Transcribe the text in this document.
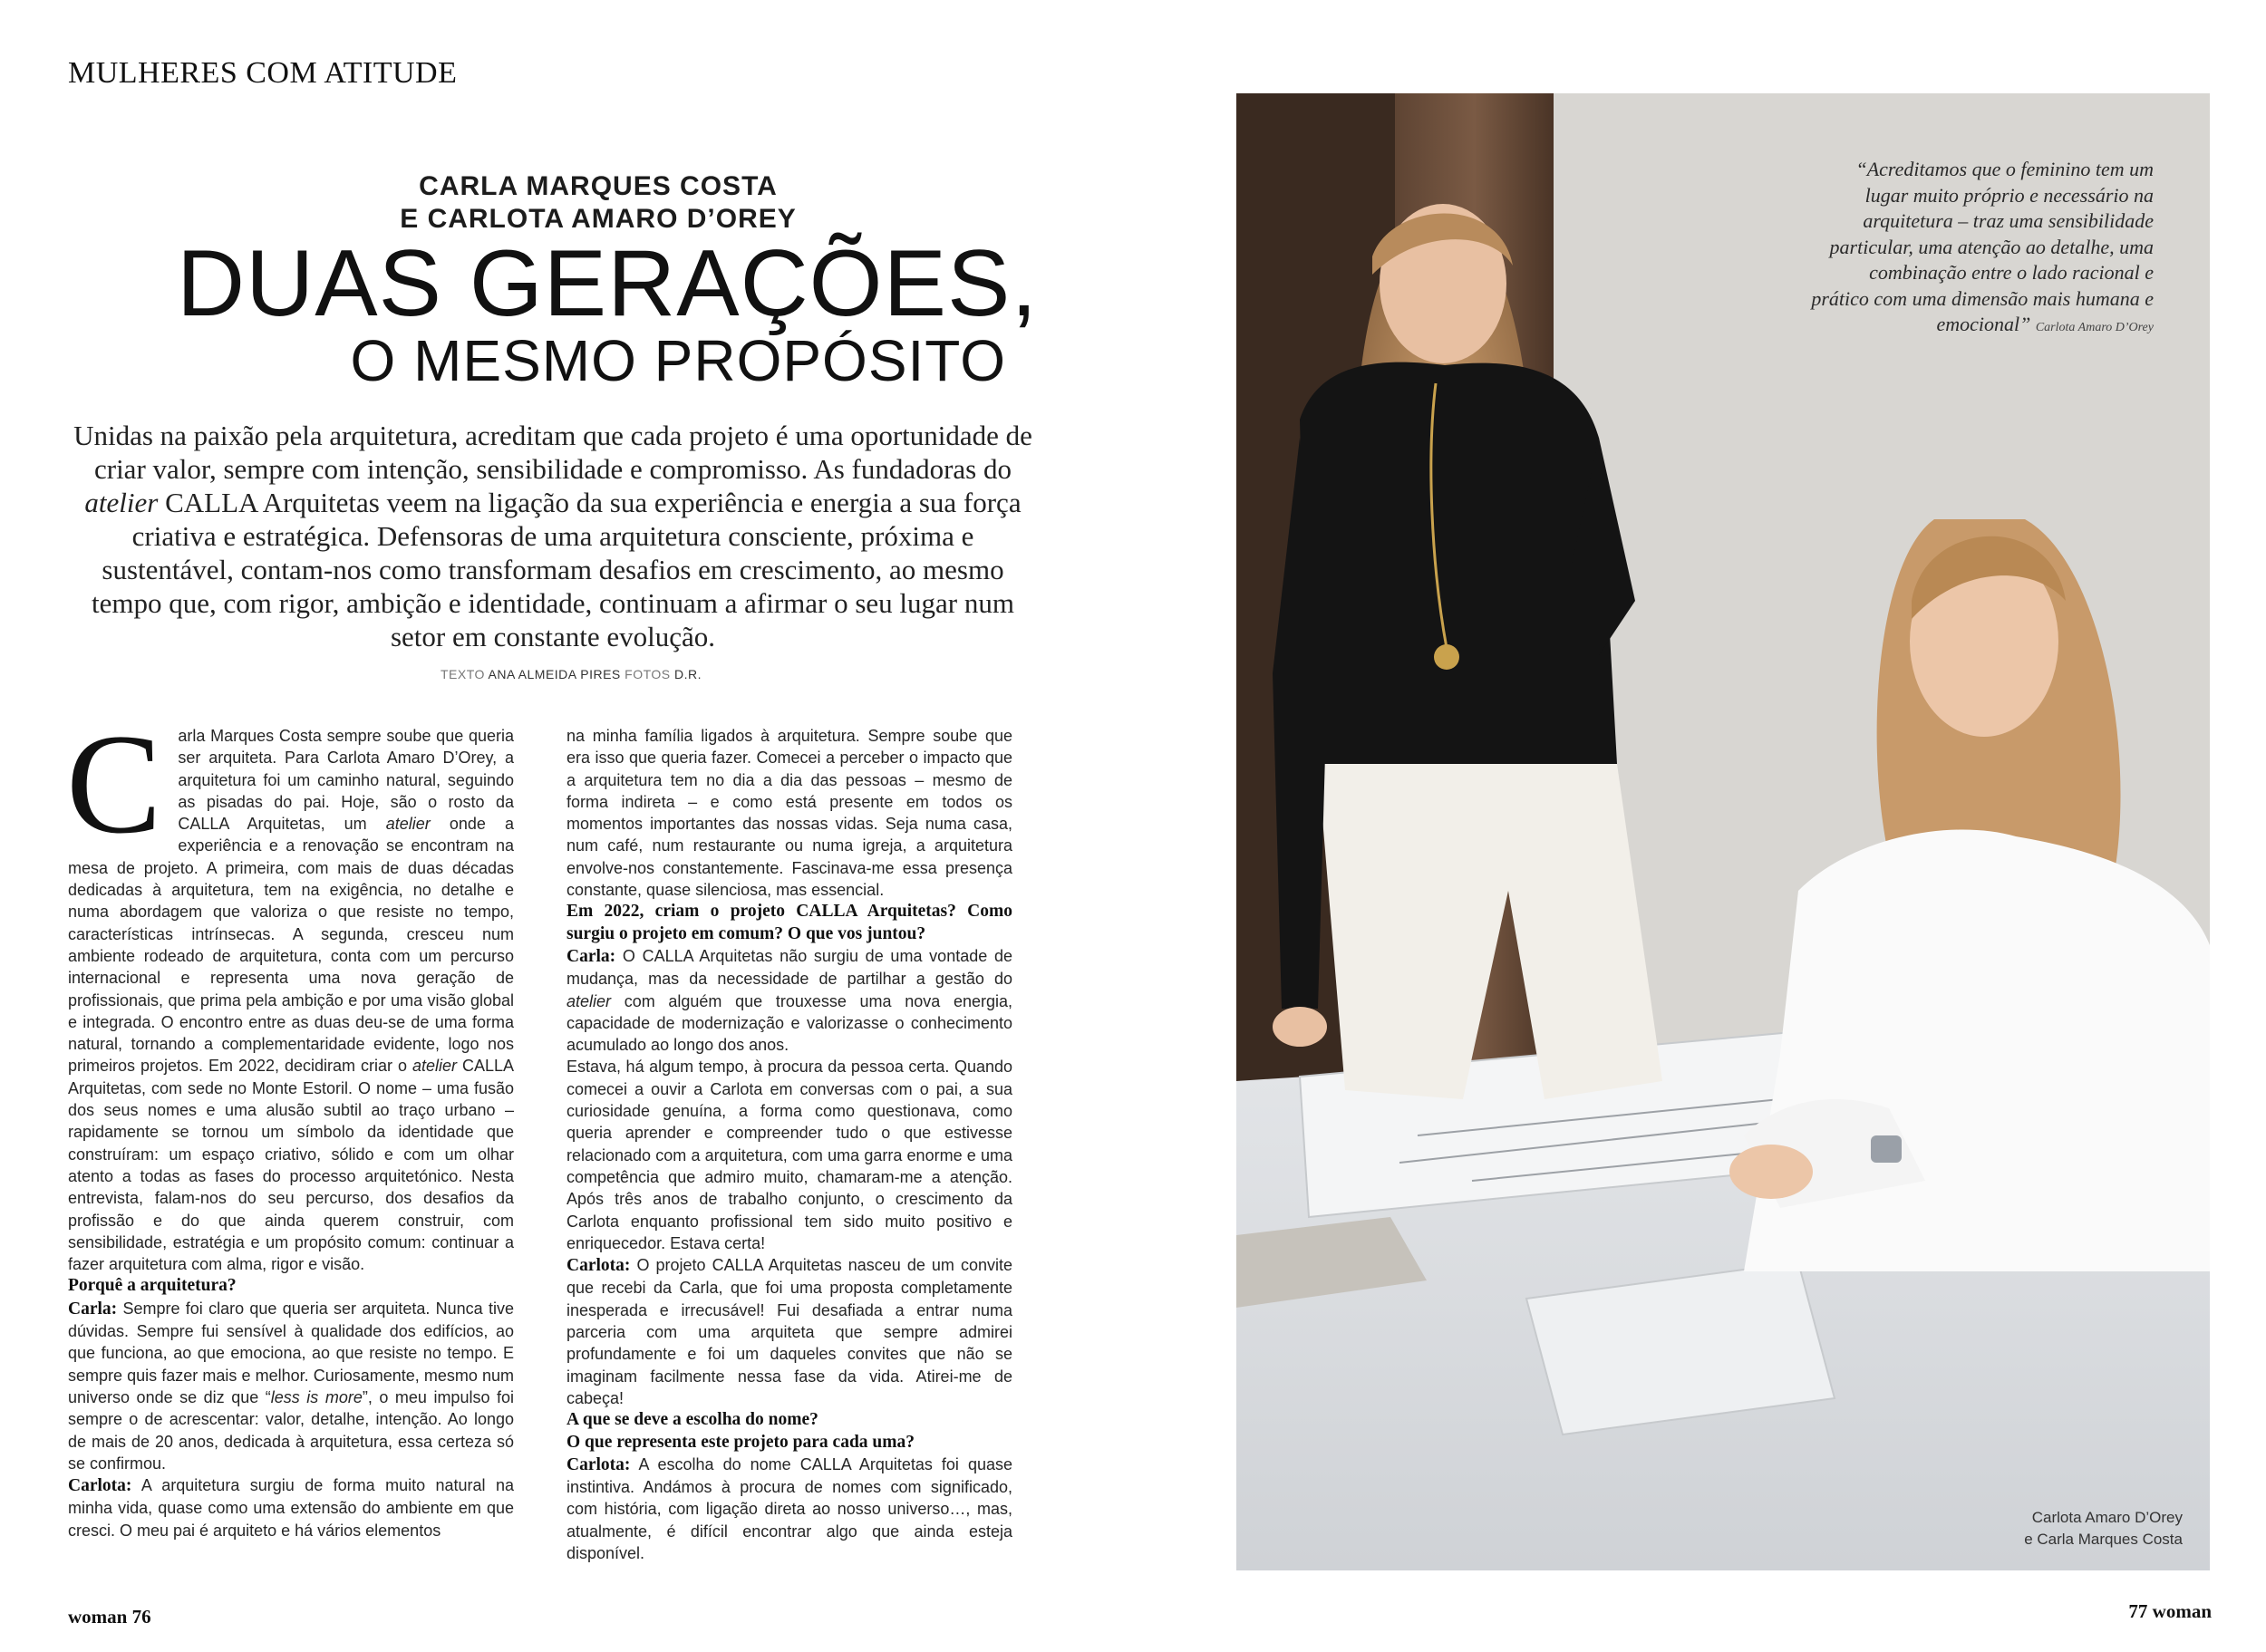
MULHERES COM ATITUDE
CARLA MARQUES COSTA
E CARLOTA AMARO D’OREY
DUAS GERAÇÕES,
O MESMO PROPÓSITO
Unidas na paixão pela arquitetura, acreditam que cada projeto é uma oportunidade de criar valor, sempre com intenção, sensibilidade e compromisso. As fundadoras do atelier CALLA Arquitetas veem na ligação da sua experiência e energia a sua força criativa e estratégica. Defensoras de uma arquitetura consciente, próxima e sustentável, contam-nos como transformam desafios em crescimento, ao mesmo tempo que, com rigor, ambição e identidade, continuam a afirmar o seu lugar num setor em constante evolução.
TEXTO ANA ALMEIDA PIRES FOTOS D.R.

C arla Marques Costa sempre soube que queria ser arquiteta. Para Carlota Amaro D’Orey, a arquitetura foi um caminho natural, seguindo as pisadas do pai. Hoje, são o rosto da CALLA Arquitetas, um atelier onde a experiência e a renovação se encontram na mesa de projeto. A primeira, com mais de duas décadas dedicadas à arquitetura, tem na exigência, no detalhe e numa abordagem que valoriza o que resiste no tempo, características intrínsecas. A segunda, cresceu num ambiente rodeado de arquitetura, conta com um percurso internacional e representa uma nova geração de profissionais, que prima pela ambição e por uma visão global e integrada. O encontro entre as duas deu-se de uma forma natural, tornando a complementaridade evidente, logo nos primeiros projetos. Em 2022, decidiram criar o atelier CALLA Arquitetas, com sede no Monte Estoril. O nome – uma fusão dos seus nomes e uma alusão subtil ao traço urbano – rapidamente se tornou um símbolo da identidade que construíram: um espaço criativo, sólido e com um olhar atento a todas as fases do processo arquitetónico. Nesta entrevista, falam-nos do seu percurso, dos desafios da profissão e do que ainda querem construir, com sensibilidade, estratégia e um propósito comum: continuar a fazer arquitetura com alma, rigor e visão.

Porquê a arquitetura?

Carla: Sempre foi claro que queria ser arquiteta. Nunca tive dúvidas. Sempre fui sensível à qualidade dos edifícios, ao que funciona, ao que emociona, ao que resiste no tempo. E sempre quis fazer mais e melhor. Curiosamente, mesmo num universo onde se diz que “less is more”, o meu impulso foi sempre o de acrescentar: valor, detalhe, intenção. Ao longo de mais de 20 anos, dedicada à arquitetura, essa certeza só se confirmou.

Carlota: A arquitetura surgiu de forma muito natural na minha vida, quase como uma extensão do ambiente em que cresci. O meu pai é arquiteto e há vários elementos

na minha família ligados à arquitetura. Sempre soube que era isso que queria fazer. Comecei a perceber o impacto que a arquitetura tem no dia a dia das pessoas – mesmo de forma indireta – e como está presente em todos os momentos importantes das nossas vidas. Seja numa casa, num café, num restaurante ou numa igreja, a arquitetura envolve-nos constantemente. Fascinava-me essa presença constante, quase silenciosa, mas essencial.

Em 2022, criam o projeto CALLA Arquitetas? Como surgiu o projeto em comum? O que vos juntou?

Carla: O CALLA Arquitetas não surgiu de uma vontade de mudança, mas da necessidade de partilhar a gestão do atelier com alguém que trouxesse uma nova energia, capacidade de modernização e valorizasse o conhecimento acumulado ao longo dos anos.

Estava, há algum tempo, à procura da pessoa certa. Quando comecei a ouvir a Carlota em conversas com o pai, a sua curiosidade genuína, a forma como questionava, como queria aprender e compreender tudo o que estivesse relacionado com a arquitetura, com uma garra enorme e uma competência que admiro muito, chamaram-me a atenção. Após três anos de trabalho conjunto, o crescimento da Carlota enquanto profissional tem sido muito positivo e enriquecedor. Estava certa!

Carlota: O projeto CALLA Arquitetas nasceu de um convite que recebi da Carla, que foi uma proposta completamente inesperada e irrecusável! Fui desafiada a entrar numa parceria com uma arquiteta que sempre admirei profundamente e foi um daqueles convites que não se imaginam facilmente nessa fase da vida. Atirei-me de cabeça!

A que se deve a escolha do nome?

O que representa este projeto para cada uma?

Carlota: A escolha do nome CALLA Arquitetas foi quase instintiva. Andámos à procura de nomes com significado, com história, com ligação direta ao nosso universo…, mas, atualmente, é difícil encontrar algo que ainda esteja disponível.

woman 76
“Acreditamos que o feminino tem um lugar muito próprio e necessário na arquitetura – traz uma sensibilidade particular, uma atenção ao detalhe, uma combinação entre o lado racional e prático com uma dimensão mais humana e emocional” Carlota Amaro D’Orey
Carlota Amaro D’Orey
e Carla Marques Costa
77 woman
